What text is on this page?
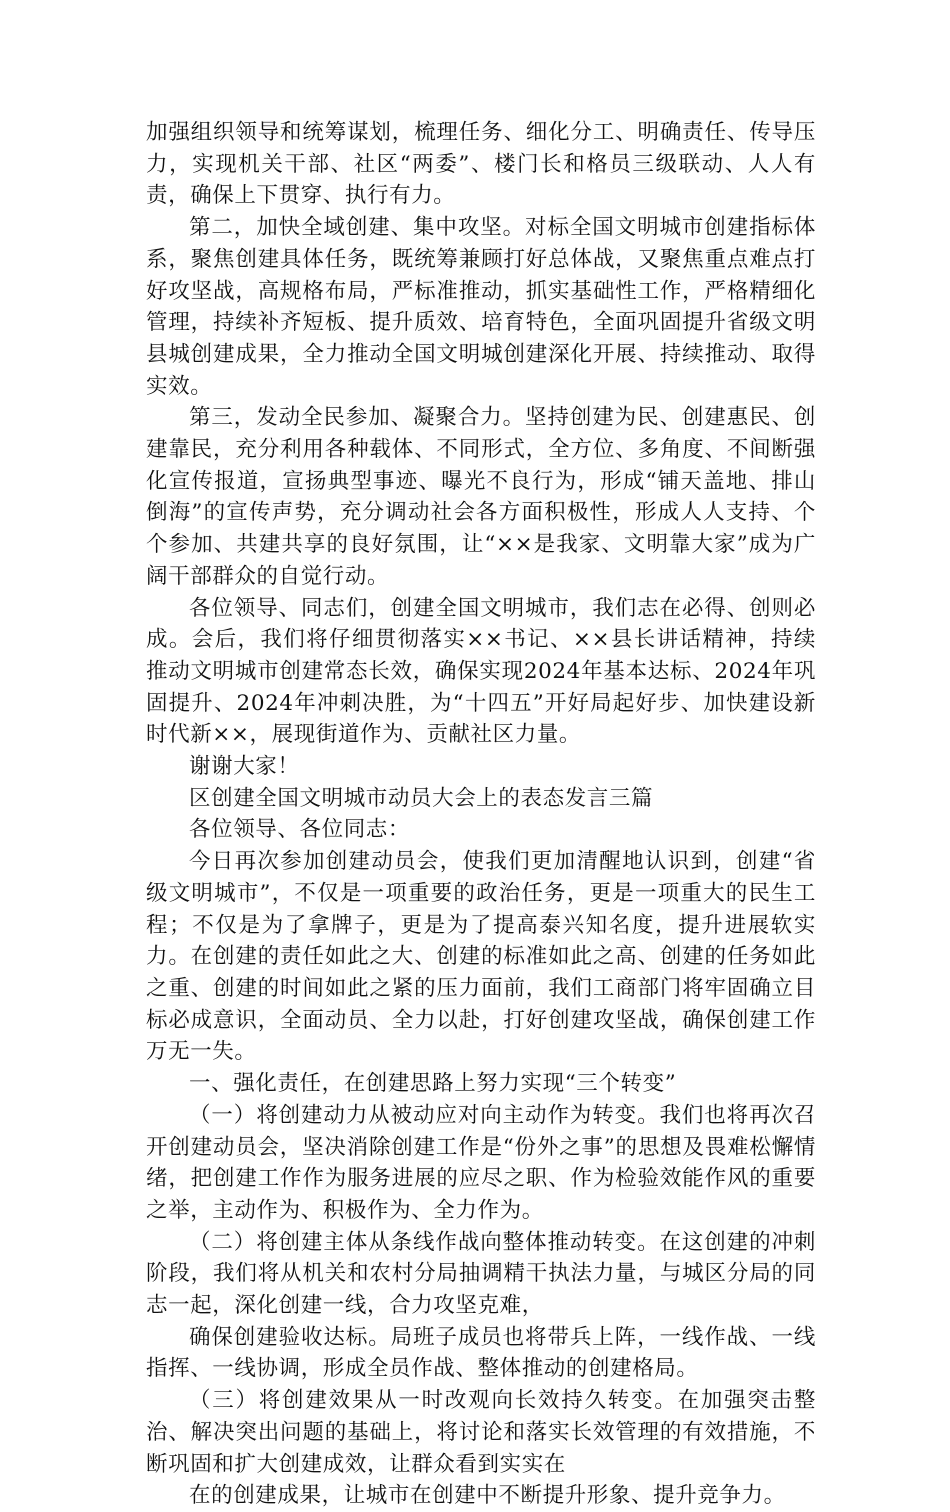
加强组织领导和统筹谋划，梳理任务、细化分工、明确责任、传导压力，实现机关干部、社区“两委”、楼门长和格员三级联动、人人有责，确保上下贯穿、执行有力。

第二，加快全域创建、集中攻坚。对标全国文明城市创建指标体系，聚焦创建具体任务，既统筹兼顾打好总体战，又聚焦重点难点打好攻坚战，高规格布局，严标准推动，抓实基础性工作，严格精细化管理，持续补齐短板、提升质效、培育特色，全面巩固提升省级文明县城创建成果，全力推动全国文明城创建深化开展、持续推动、取得实效。

第三，发动全民参加、凝聚合力。坚持创建为民、创建惠民、创建靠民，充分利用各种载体、不同形式，全方位、多角度、不间断强化宣传报道，宣扬典型事迹、曝光不良行为，形成“铺天盖地、排山倒海”的宣传声势，充分调动社会各方面积极性，形成人人支持、个个参加、共建共享的良好氛围，让“××是我家、文明靠大家”成为广阔干部群众的自觉行动。

各位领导、同志们，创建全国文明城市，我们志在必得、创则必成。会后，我们将仔细贯彻落实××书记、××县长讲话精神，持续推动文明城市创建常态长效，确保实现2024年基本达标、2024年巩固提升、2024年冲刺决胜，为“十四五”开好局起好步、加快建设新时代新××，展现街道作为、贡献社区力量。

谢谢大家！

区创建全国文明城市动员大会上的表态发言三篇

各位领导、各位同志：

今日再次参加创建动员会，使我们更加清醒地认识到，创建“省级文明城市”，不仅是一项重要的政治任务，更是一项重大的民生工程；不仅是为了拿牌子，更是为了提高泰兴知名度，提升进展软实力。在创建的责任如此之大、创建的标准如此之高、创建的任务如此之重、创建的时间如此之紧的压力面前，我们工商部门将牢固确立目标必成意识，全面动员、全力以赴，打好创建攻坚战，确保创建工作万无一失。

一、强化责任，在创建思路上努力实现“三个转变”

（一）将创建动力从被动应对向主动作为转变。我们也将再次召开创建动员会，坚决消除创建工作是“份外之事”的思想及畏难松懈情绪，把创建工作作为服务进展的应尽之职、作为检验效能作风的重要之举，主动作为、积极作为、全力作为。

（二）将创建主体从条线作战向整体推动转变。在这创建的冲刺阶段，我们将从机关和农村分局抽调精干执法力量，与城区分局的同志一起，深化创建一线，合力攻坚克难，

确保创建验收达标。局班子成员也将带兵上阵，一线作战、一线指挥、一线协调，形成全员作战、整体推动的创建格局。

（三）将创建效果从一时改观向长效持久转变。在加强突击整治、解决突出问题的基础上，将讨论和落实长效管理的有效措施，不断巩固和扩大创建成效，让群众看到实实在

在的创建成果，让城市在创建中不断提升形象、提升竞争力。
